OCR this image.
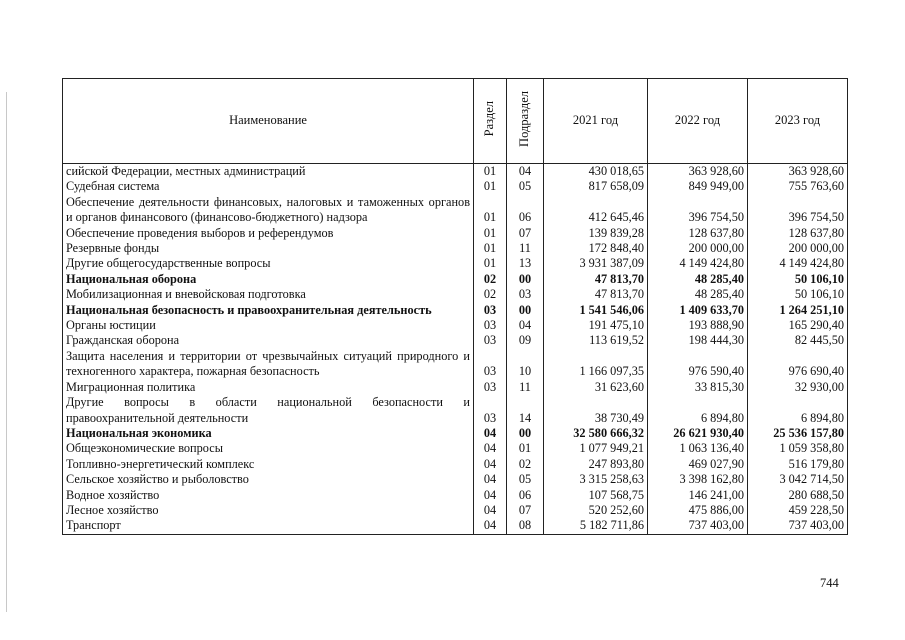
Наименование	Раздел	Подраздел	2021 год	2022 год	2023 год
сийской Федерации, местных администраций	01	04	430 018,65	363 928,60	363 928,60
Судебная система	01	05	817 658,09	849 949,00	755 763,60
Обеспечение деятельности финансовых, налоговых и таможенных органов и органов финансового (финансово-бюджетного) надзора	01	06	412 645,46	396 754,50	396 754,50
Обеспечение проведения выборов и референдумов	01	07	139 839,28	128 637,80	128 637,80
Резервные фонды	01	11	172 848,40	200 000,00	200 000,00
Другие общегосударственные вопросы	01	13	3 931 387,09	4 149 424,80	4 149 424,80
Национальная оборона	02	00	47 813,70	48 285,40	50 106,10
Мобилизационная и вневойсковая подготовка	02	03	47 813,70	48 285,40	50 106,10
Национальная безопасность и правоохранительная деятельность	03	00	1 541 546,06	1 409 633,70	1 264 251,10
Органы юстиции	03	04	191 475,10	193 888,90	165 290,40
Гражданская оборона	03	09	113 619,52	198 444,30	82 445,50
Защита населения и территории от чрезвычайных ситуаций природного и техногенного характера, пожарная безопасность	03	10	1 166 097,35	976 590,40	976 690,40
Миграционная политика	03	11	31 623,60	33 815,30	32 930,00
Другие вопросы в области национальной безопасности и правоохранительной деятельности	03	14	38 730,49	6 894,80	6 894,80
Национальная экономика	04	00	32 580 666,32	26 621 930,40	25 536 157,80
Общеэкономические вопросы	04	01	1 077 949,21	1 063 136,40	1 059 358,80
Топливно-энергетический комплекс	04	02	247 893,80	469 027,90	516 179,80
Сельское хозяйство и рыболовство	04	05	3 315 258,63	3 398 162,80	3 042 714,50
Водное хозяйство	04	06	107 568,75	146 241,00	280 688,50
Лесное хозяйство	04	07	520 252,60	475 886,00	459 228,50
Транспорт	04	08	5 182 711,86	737 403,00	737 403,00
744
